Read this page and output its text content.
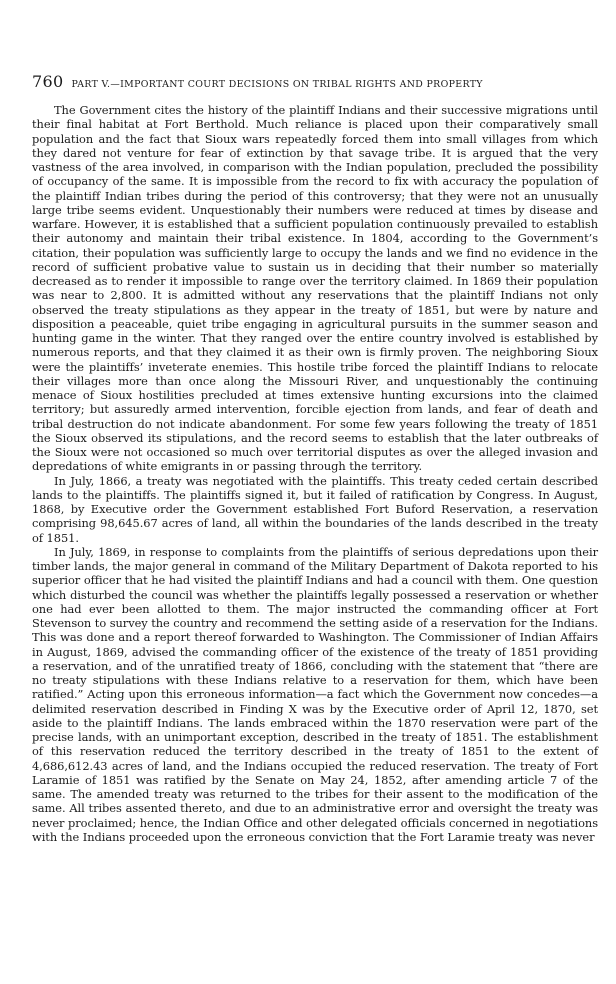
760 PART V.—IMPORTANT COURT DECISIONS ON TRIBAL RIGHTS AND PROPERTY

The Government cites the history of the plaintiff Indians and their successive migrations until their final habitat at Fort Berthold. Much reliance is placed upon their comparatively small population and the fact that Sioux wars repeatedly forced them into small villages from which they dared not venture for fear of extinction by that savage tribe. It is argued that the very vastness of the area involved, in comparison with the Indian population, precluded the possibility of occupancy of the same. It is impossible from the record to fix with accuracy the population of the plaintiff Indian tribes during the period of this controversy; that they were not an unusually large tribe seems evident. Unquestionably their numbers were reduced at times by disease and warfare. However, it is established that a sufficient population continuously prevailed to establish their autonomy and maintain their tribal existence. In 1804, according to the Government’s citation, their population was sufficiently large to occupy the lands and we find no evidence in the record of sufficient probative value to sustain us in deciding that their number so materially decreased as to render it impossible to range over the territory claimed. In 1869 their population was near to 2,800. It is admitted without any reservations that the plaintiff Indians not only observed the treaty stipulations as they appear in the treaty of 1851, but were by nature and disposition a peaceable, quiet tribe engaging in agricultural pursuits in the summer season and hunting game in the winter. That they ranged over the entire country involved is established by numerous reports, and that they claimed it as their own is firmly proven. The neighboring Sioux were the plaintiffs’ inveterate enemies. This hostile tribe forced the plaintiff Indians to relocate their villages more than once along the Missouri River, and unquestionably the continuing menace of Sioux hostilities precluded at times extensive hunting excursions into the claimed territory; but assuredly armed intervention, forcible ejection from lands, and fear of death and tribal destruction do not indicate abandonment. For some few years following the treaty of 1851 the Sioux observed its stipulations, and the record seems to establish that the later outbreaks of the Sioux were not occasioned so much over territorial disputes as over the alleged invasion and depredations of white emigrants in or passing through the territory.

In July, 1866, a treaty was negotiated with the plaintiffs. This treaty ceded certain described lands to the plaintiffs. The plaintiffs signed it, but it failed of ratification by Congress. In August, 1868, by Executive order the Government established Fort Buford Reservation, a reservation comprising 98,645.67 acres of land, all within the boundaries of the lands described in the treaty of 1851.

In July, 1869, in response to complaints from the plaintiffs of serious depredations upon their timber lands, the major general in command of the Military Department of Dakota reported to his superior officer that he had visited the plaintiff Indians and had a council with them. One question which disturbed the council was whether the plaintiffs legally possessed a reservation or whether one had ever been allotted to them. The major instructed the commanding officer at Fort Stevenson to survey the country and recommend the setting aside of a reservation for the Indians. This was done and a report thereof forwarded to Washington. The Commissioner of Indian Affairs in August, 1869, advised the commanding officer of the existence of the treaty of 1851 providing a reservation, and of the unratified treaty of 1866, concluding with the statement that “there are no treaty stipulations with these Indians relative to a reservation for them, which have been ratified.” Acting upon this erroneous information—a fact which the Government now concedes—a delimited reservation described in Finding X was by the Executive order of April 12, 1870, set aside to the plaintiff Indians. The lands embraced within the 1870 reservation were part of the precise lands, with an unimportant exception, described in the treaty of 1851. The establishment of this reservation reduced the territory described in the treaty of 1851 to the extent of 4,686,612.43 acres of land, and the Indians occupied the reduced reservation. The treaty of Fort Laramie of 1851 was ratified by the Senate on May 24, 1852, after amending article 7 of the same. The amended treaty was returned to the tribes for their assent to the modification of the same. All tribes assented thereto, and due to an administrative error and oversight the treaty was never proclaimed; hence, the Indian Office and other delegated officials concerned in negotiations with the Indians proceeded upon the erroneous conviction that the Fort Laramie treaty was never
